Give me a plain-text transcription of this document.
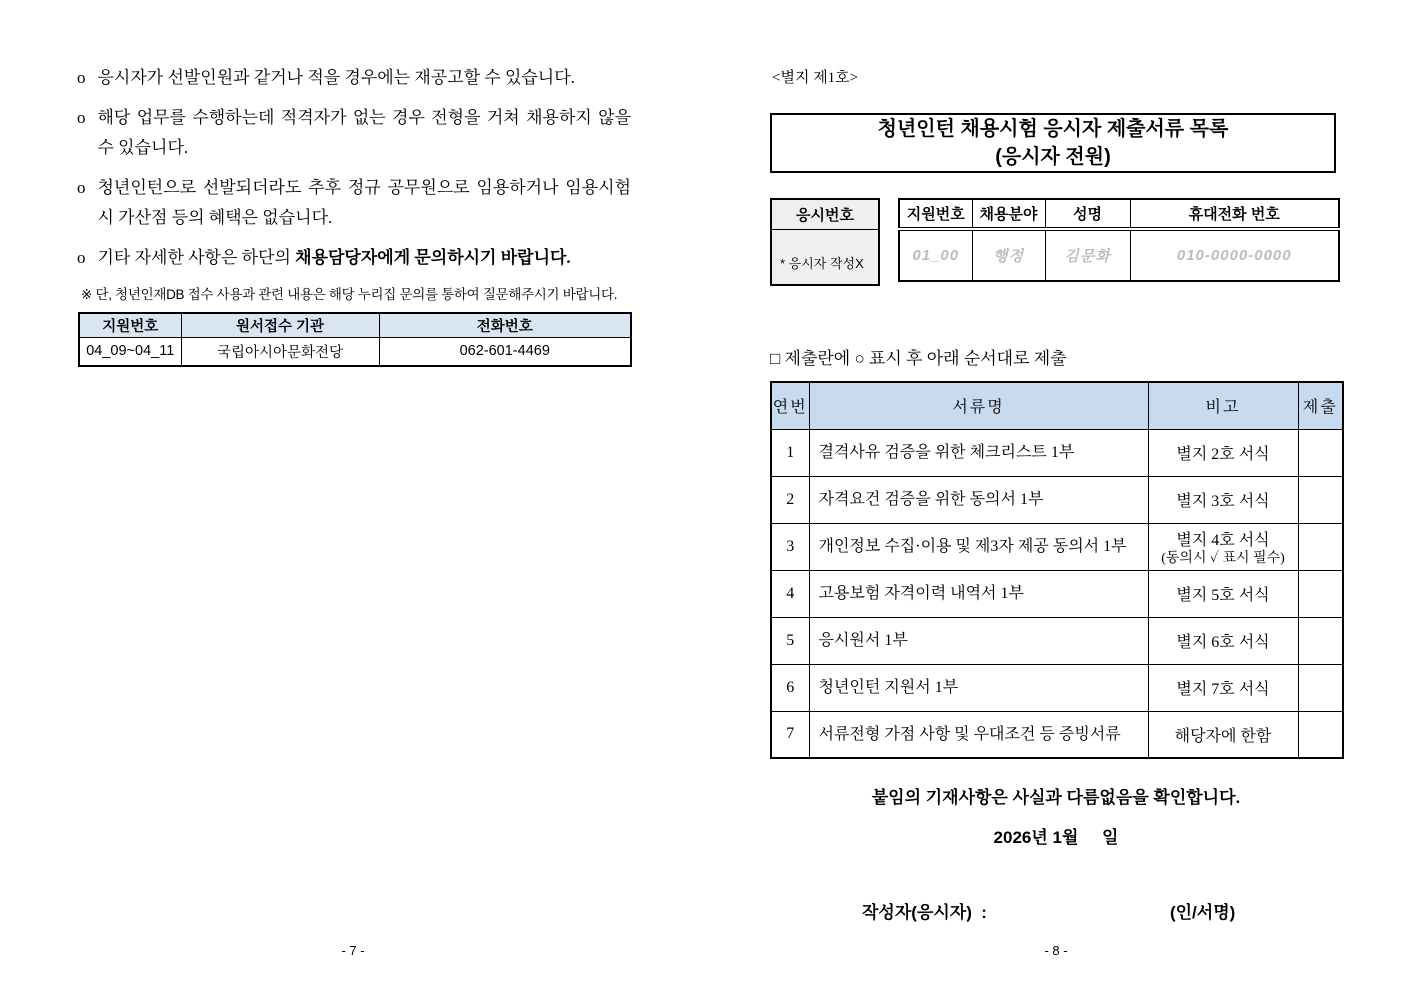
o 응시자가 선발인원과 같거나 적을 경우에는 재공고할 수 있습니다.
o 해당 업무를 수행하는데 적격자가 없는 경우 전형을 거쳐 채용하지 않을 수 있습니다.
o 청년인턴으로 선발되더라도 추후 정규 공무원으로 임용하거나 임용시험 시 가산점 등의 혜택은 없습니다.
o 기타 자세한 사항은 하단의 채용담당자에게 문의하시기 바랍니다.
※ 단, 청년인재DB 접수 사용과 관련 내용은 해당 누리집 문의를 통하여 질문해주시기 바랍니다.
지원번호	원서접수 기관	전화번호
04_09~04_11	국립아시아문화전당	062-601-4469
- 7 -
<별지 제1호>
청년인턴 채용시험 응시자 제출서류 목록
(응시자 전원)
응시번호
* 응시자 작성X
지원번호	채용분야	성명	휴대전화 번호
01_00	행정	김문화	010-0000-0000
□ 제출란에 ○ 표시 후 아래 순서대로 제출
연번	서류명	비고	제출
1	결격사유 검증을 위한 체크리스트 1부	별지 2호 서식	
2	자격요건 검증을 위한 동의서 1부	별지 3호 서식	
3	개인정보 수집·이용 및 제3자 제공 동의서 1부	별지 4호 서식
(동의시 ✓ 표시 필수)	

4	고용보험 자격이력 내역서 1부	별지 5호 서식	
5	응시원서 1부	별지 6호 서식	
6	청년인턴 지원서 1부	별지 7호 서식	
7	서류전형 가점 사항 및 우대조건 등 증빙서류	해당자에 한함	
붙임의 기재사항은 사실과 다름없음을 확인합니다.
2026년 1월     일
작성자(응시자)  :	(인/서명)
- 8 -
